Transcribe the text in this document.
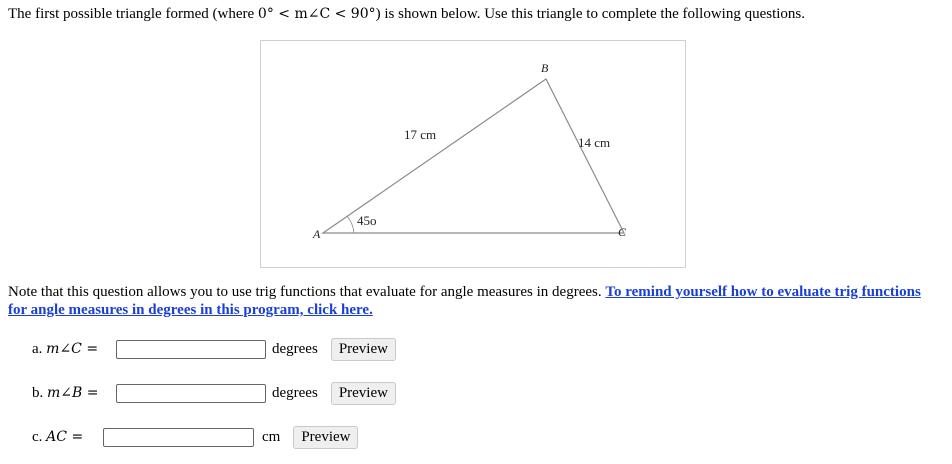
The first possible triangle formed (where 0° < m∠C < 90°) is shown below. Use this triangle to complete the following questions.
A
B
C
17 cm
14 cm
45o
Note that this question allows you to use trig functions that evaluate for angle measures in degrees. To remind yourself how to evaluate trig functions for angle measures in degrees in this program, click here.
a. m∠C =	degrees	Preview
b. m∠B =	degrees	Preview
c. AC =	cm	Preview
